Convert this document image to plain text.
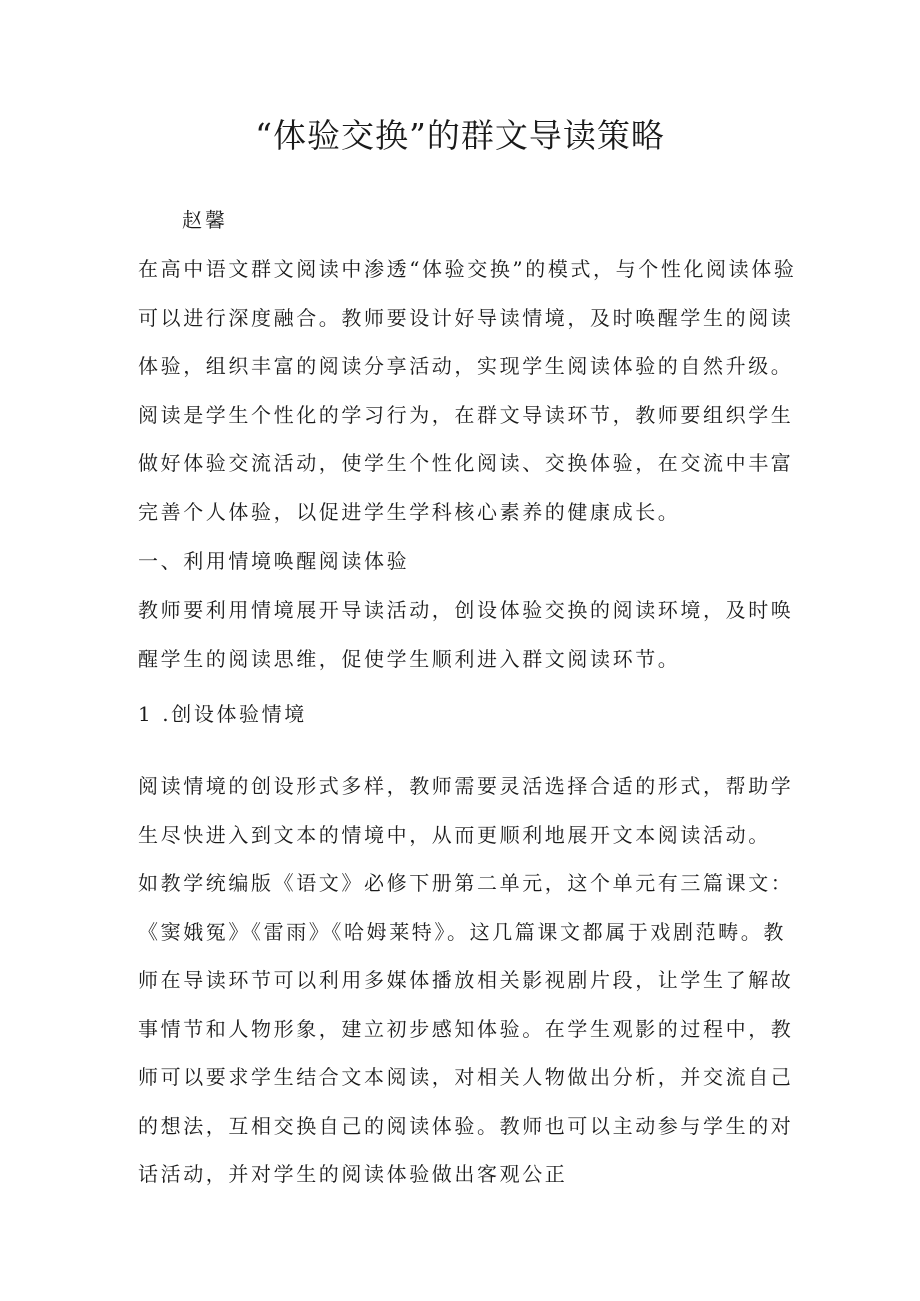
“体验交换”的群文导读策略

赵馨

在高中语文群文阅读中渗透“体验交换”的模式，与个性化阅读体验可以进行深度融合。教师要设计好导读情境，及时唤醒学生的阅读体验，组织丰富的阅读分享活动，实现学生阅读体验的自然升级。阅读是学生个性化的学习行为，在群文导读环节，教师要组织学生做好体验交流活动，使学生个性化阅读、交换体验，在交流中丰富完善个人体验，以促进学生学科核心素养的健康成长。

一、利用情境唤醒阅读体验

教师要利用情境展开导读活动，创设体验交换的阅读环境，及时唤醒学生的阅读思维，促使学生顺利进入群文阅读环节。

1 .创设体验情境

阅读情境的创设形式多样，教师需要灵活选择合适的形式，帮助学生尽快进入到文本的情境中，从而更顺利地展开文本阅读活动。

如教学统编版《语文》必修下册第二单元，这个单元有三篇课文：《窦娥冤》《雷雨》《哈姆莱特》。这几篇课文都属于戏剧范畴。教师在导读环节可以利用多媒体播放相关影视剧片段，让学生了解故事情节和人物形象，建立初步感知体验。在学生观影的过程中，教师可以要求学生结合文本阅读，对相关人物做出分析，并交流自己的想法，互相交换自己的阅读体验。教师也可以主动参与学生的对话活动，并对学生的阅读体验做出客观公正
